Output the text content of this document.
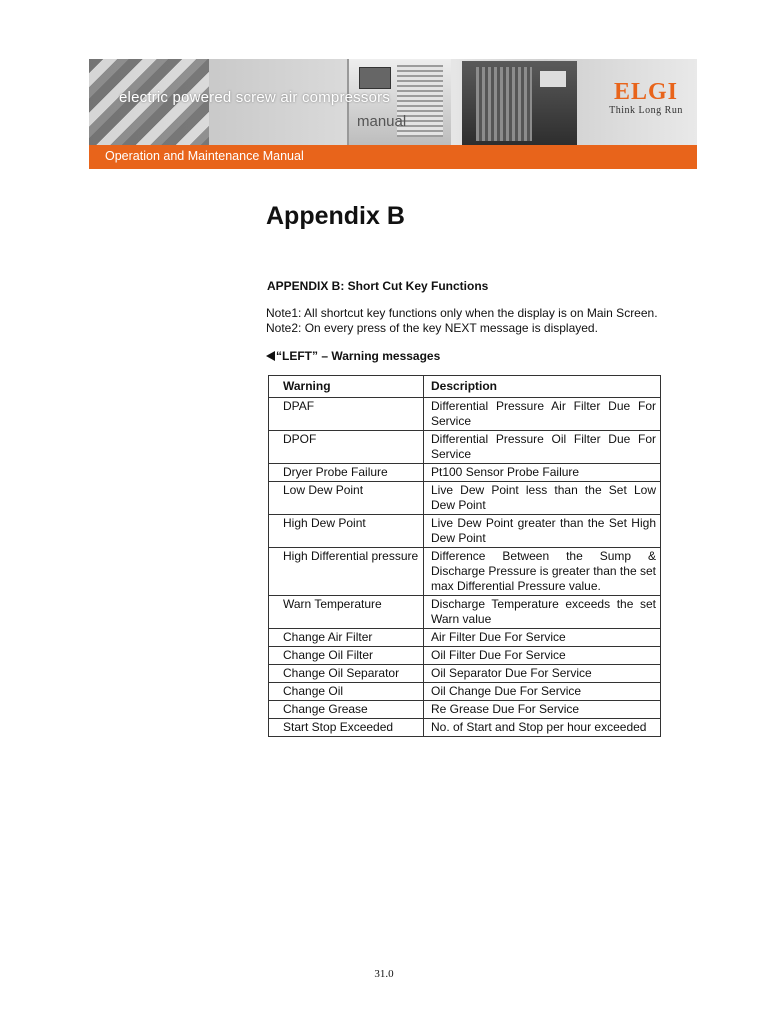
electric powered screw air compressors
manual
ELGI
Think Long Run
Operation and Maintenance Manual
Appendix B
APPENDIX B: Short Cut Key Functions
Note1: All shortcut key functions only when the display is on Main Screen.
Note2: On every press of the key NEXT message is displayed.
“LEFT” – Warning messages
Warning	Description
DPAF	Differential Pressure Air Filter Due For Service
DPOF	Differential Pressure Oil Filter Due For Service
Dryer Probe Failure	Pt100 Sensor Probe Failure
Low Dew Point	Live Dew Point less than the Set Low Dew Point
High Dew Point	Live Dew Point greater than the Set High Dew Point
High Differential pressure	Difference Between the Sump & Discharge Pressure is greater than the set max Differential Pressure value.
Warn Temperature	Discharge Temperature exceeds the set Warn value
Change Air Filter	Air Filter Due For Service
Change Oil Filter	Oil Filter Due For Service
Change Oil Separator	Oil Separator Due For Service
Change Oil	Oil Change Due For Service
Change Grease	Re Grease Due For Service
Start Stop Exceeded	No. of Start and Stop per hour exceeded
31.0
